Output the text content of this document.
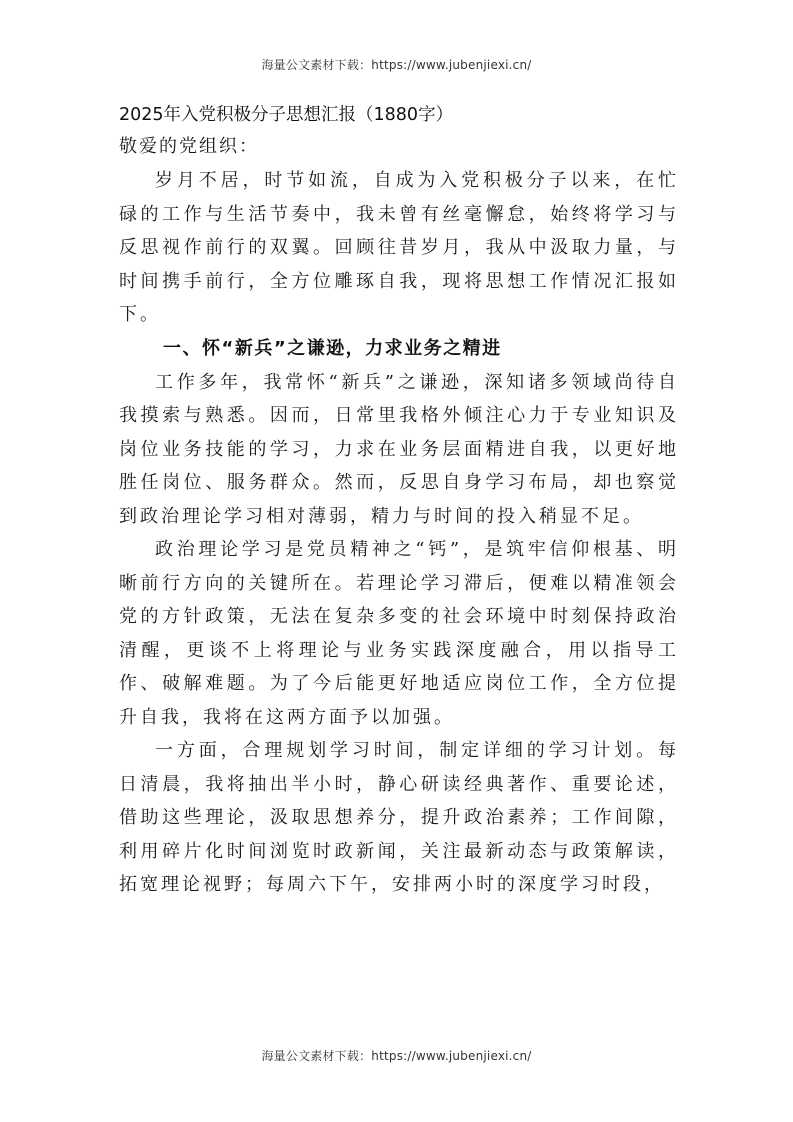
海量公文素材下载：https://www.jubenjiexi.cn/

2025年入党积极分子思想汇报（1880字）

敬爱的党组织：

岁月不居，时节如流，自成为入党积极分子以来，在忙碌的工作与生活节奏中，我未曾有丝毫懈怠，始终将学习与反思视作前行的双翼。回顾往昔岁月，我从中汲取力量，与时间携手前行，全方位雕琢自我，现将思想工作情况汇报如下。

一、怀“新兵”之谦逊，力求业务之精进

工作多年，我常怀“新兵”之谦逊，深知诸多领域尚待自我摸索与熟悉。因而，日常里我格外倾注心力于专业知识及岗位业务技能的学习，力求在业务层面精进自我，以更好地胜任岗位、服务群众。然而，反思自身学习布局，却也察觉到政治理论学习相对薄弱，精力与时间的投入稍显不足。

政治理论学习是党员精神之“钙”，是筑牢信仰根基、明晰前行方向的关键所在。若理论学习滞后，便难以精准领会党的方针政策，无法在复杂多变的社会环境中时刻保持政治清醒，更谈不上将理论与业务实践深度融合，用以指导工作、破解难题。为了今后能更好地适应岗位工作，全方位提升自我，我将在这两方面予以加强。

一方面，合理规划学习时间，制定详细的学习计划。每日清晨，我将抽出半小时，静心研读经典著作、重要论述，借助这些理论，汲取思想养分，提升政治素养；工作间隙，利用碎片化时间浏览时政新闻，关注最新动态与政策解读，拓宽理论视野；每周六下午，安排两小时的深度学习时段，

海量公文素材下载：https://www.jubenjiexi.cn/
